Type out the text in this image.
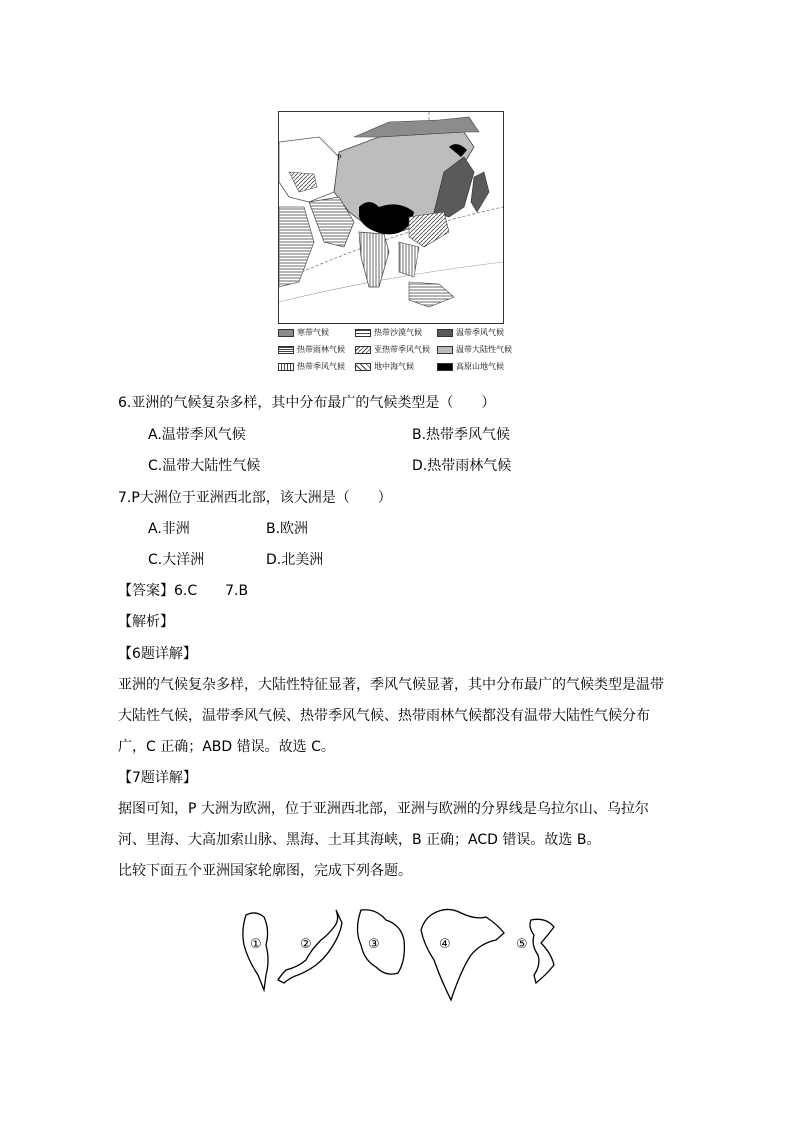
P
寒带气候	热带沙漠气候	温带季风气候
热带雨林气候	亚热带季风气候	温带大陆性气候
热带季风气候	地中海气候	高原山地气候
6.亚洲的气候复杂多样，其中分布最广的气候类型是（　　）
A.温带季风气候	B.热带季风气候
C.温带大陆性气候	D.热带雨林气候
7.P大洲位于亚洲西北部，该大洲是（　　）
A.非洲	B.欧洲
C.大洋洲	D.北美洲
【答案】6.C　　7.B
【解析】
【6题详解】
亚洲的气候复杂多样，大陆性特征显著，季风气候显著，其中分布最广的气候类型是温带
大陆性气候，温带季风气候、热带季风气候、热带雨林气候都没有温带大陆性气候分布
广，C 正确；ABD 错误。故选 C。
【7题详解】
据图可知，P 大洲为欧洲，位于亚洲西北部，亚洲与欧洲的分界线是乌拉尔山、乌拉尔
河、里海、大高加索山脉、黑海、土耳其海峡，B 正确；ACD 错误。故选 B。
比较下面五个亚洲国家轮廓图，完成下列各题。
①	②	③	④	⑤
